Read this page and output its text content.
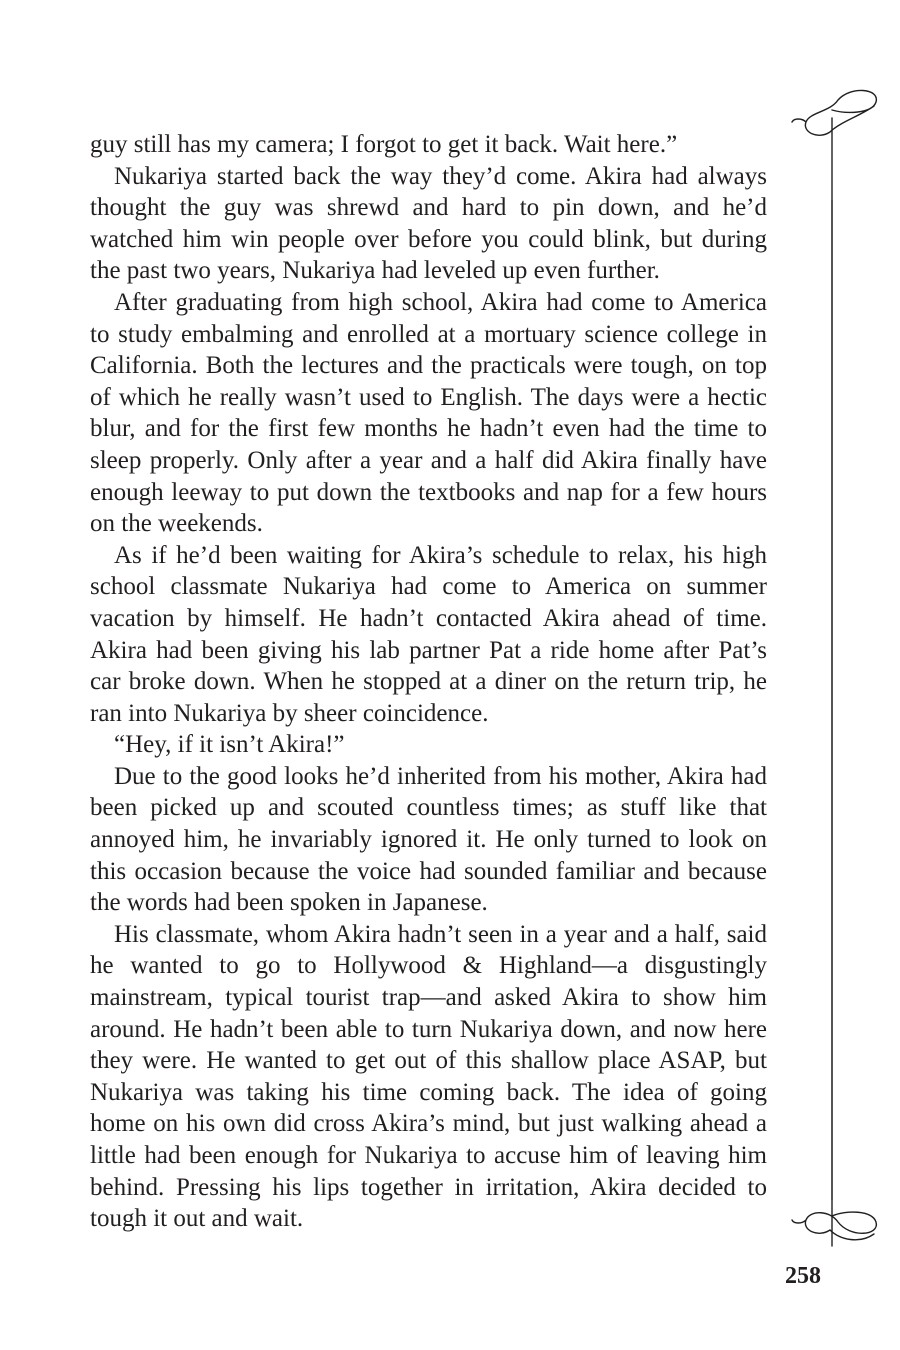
guy still has my camera; I forgot to get it back. Wait here.”

Nukariya started back the way they’d come. Akira had always thought the guy was shrewd and hard to pin down, and he’d watched him win people over before you could blink, but during the past two years, Nukariya had leveled up even further.

After graduating from high school, Akira had come to America to study embalming and enrolled at a mortuary science college in California. Both the lectures and the practicals were tough, on top of which he really wasn’t used to English. The days were a hectic blur, and for the first few months he hadn’t even had the time to sleep properly. Only after a year and a half did Akira finally have enough leeway to put down the textbooks and nap for a few hours on the weekends.

As if he’d been waiting for Akira’s schedule to relax, his high school classmate Nukariya had come to America on summer vacation by himself. He hadn’t contacted Akira ahead of time. Akira had been giving his lab partner Pat a ride home after Pat’s car broke down. When he stopped at a diner on the return trip, he ran into Nukariya by sheer coincidence.

“Hey, if it isn’t Akira!”

Due to the good looks he’d inherited from his mother, Akira had been picked up and scouted countless times; as stuff like that annoyed him, he invariably ignored it. He only turned to look on this occasion because the voice had sounded familiar and because the words had been spoken in Japanese.

His classmate, whom Akira hadn’t seen in a year and a half, said he wanted to go to Hollywood & Highland—a disgustingly mainstream, typical tourist trap—and asked Akira to show him around. He hadn’t been able to turn Nukariya down, and now here they were. He wanted to get out of this shallow place ASAP, but Nukariya was taking his time coming back. The idea of going home on his own did cross Akira’s mind, but just walking ahead a little had been enough for Nukariya to accuse him of leaving him behind. Pressing his lips together in irritation, Akira decided to tough it out and wait.

258
